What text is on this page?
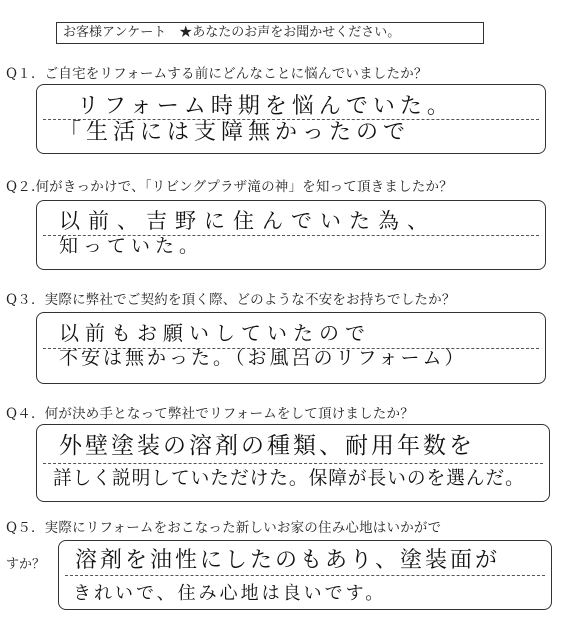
お客様アンケート　★あなたのお声をお聞かせください。
Q１．ご自宅をリフォームする前にどんなことに悩んでいましたか？
リフォーム時期を悩んでいた。
「生活には支障無かったので
Q２.何がきっかけで、「リビングプラザ滝の神」を知って頂きましたか？
以前、吉野に住んでいた為、
知っていた。
Q３．実際に弊社でご契約を頂く際、どのような不安をお持ちでしたか？
以前もお願いしていたので
不安は無かった。（お風呂のリフォーム）
Q４．何が決め手となって弊社でリフォームをして頂けましたか？
外壁塗装の溶剤の種類、耐用年数を
詳しく説明していただけた。保障が長いのを選んだ。
Q５．実際にリフォームをおこなった新しいお家の住み心地はいかがで
すか？ 溶剤を油性にしたのもあり、塗装面が
きれいで、住み心地は良いです。
